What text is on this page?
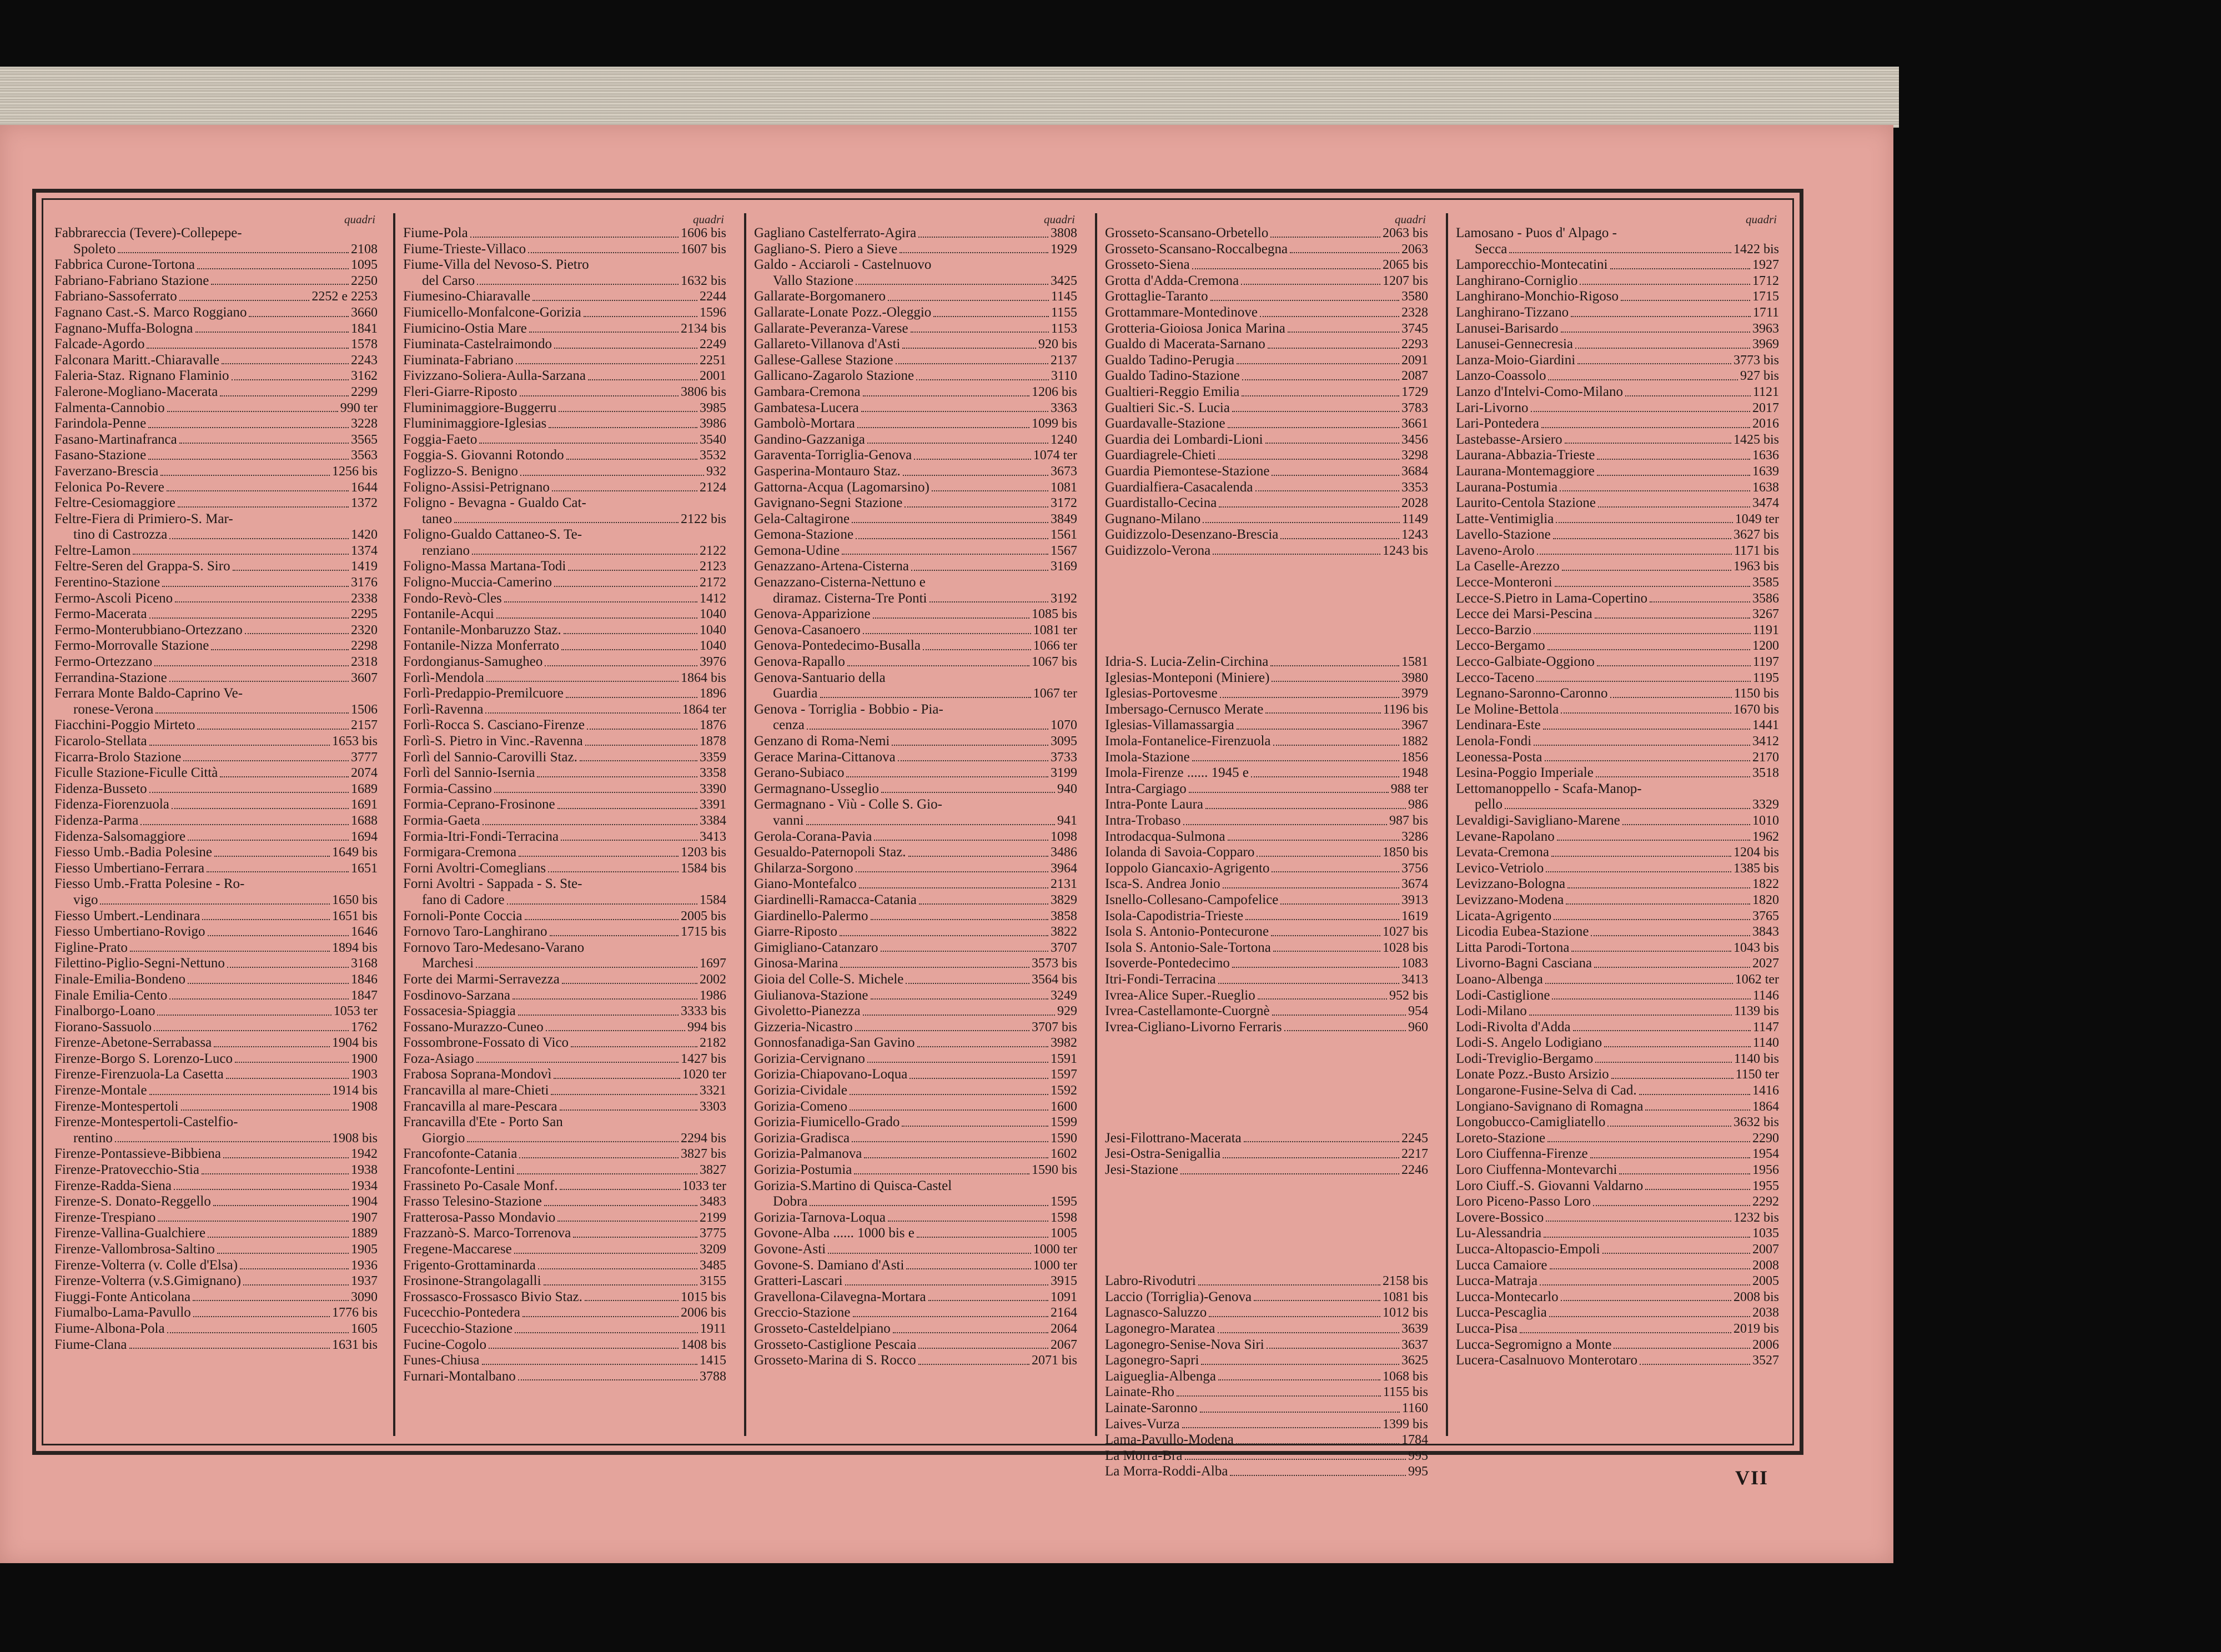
quadri
Fabbrareccia (Tevere)-Collepepe-
Spoleto	2108
Fabbrica Curone-Tortona	1095
Fabriano-Fabriano Stazione	2250
Fabriano-Sassoferrato	2252 e 2253
Fagnano Cast.-S. Marco Roggiano	3660
Fagnano-Muffa-Bologna	1841
Falcade-Agordo	1578
Falconara Maritt.-Chiaravalle	2243
Faleria-Staz. Rignano Flaminio	3162
Falerone-Mogliano-Macerata	2299
Falmenta-Cannobio	990 ter
Farindola-Penne	3228
Fasano-Martinafranca	3565
Fasano-Stazione	3563
Faverzano-Brescia	1256 bis
Felonica Po-Revere	1644
Feltre-Cesiomaggiore	1372
Feltre-Fiera di Primiero-S. Mar-
tino di Castrozza	1420
Feltre-Lamon	1374
Feltre-Seren del Grappa-S. Siro	1419
Ferentino-Stazione	3176
Fermo-Ascoli Piceno	2338
Fermo-Macerata	2295
Fermo-Monterubbiano-Ortezzano	2320
Fermo-Morrovalle Stazione	2298
Fermo-Ortezzano	2318
Ferrandina-Stazione	3607
Ferrara Monte Baldo-Caprino Ve-
ronese-Verona	1506
Fiacchini-Poggio Mirteto	2157
Ficarolo-Stellata	1653 bis
Ficarra-Brolo Stazione	3777
Ficulle Stazione-Ficulle Città	2074
Fidenza-Busseto	1689
Fidenza-Fiorenzuola	1691
Fidenza-Parma	1688
Fidenza-Salsomaggiore	1694
Fiesso Umb.-Badia Polesine	1649 bis
Fiesso Umbertiano-Ferrara	1651
Fiesso Umb.-Fratta Polesine - Ro-
vigo	1650 bis
Fiesso Umbert.-Lendinara	1651 bis
Fiesso Umbertiano-Rovigo	1646
Figline-Prato	1894 bis
Filettino-Piglio-Segni-Nettuno	3168
Finale-Emilia-Bondeno	1846
Finale Emilia-Cento	1847
Finalborgo-Loano	1053 ter
Fiorano-Sassuolo	1762
Firenze-Abetone-Serrabassa	1904 bis
Firenze-Borgo S. Lorenzo-Luco	1900
Firenze-Firenzuola-La Casetta	1903
Firenze-Montale	1914 bis
Firenze-Montespertoli	1908
Firenze-Montespertoli-Castelfio-
rentino	1908 bis
Firenze-Pontassieve-Bibbiena	1942
Firenze-Pratovecchio-Stia	1938
Firenze-Radda-Siena	1934
Firenze-S. Donato-Reggello	1904
Firenze-Trespiano	1907
Firenze-Vallina-Gualchiere	1889
Firenze-Vallombrosa-Saltino	1905
Firenze-Volterra (v. Colle d'Elsa)	1936
Firenze-Volterra (v.S.Gimignano)	1937
Fiuggi-Fonte Anticolana	3090
Fiumalbo-Lama-Pavullo	1776 bis
Fiume-Albona-Pola	1605
Fiume-Clana	1631 bis
quadri
Fiume-Pola	1606 bis
Fiume-Trieste-Villaco	1607 bis
Fiume-Villa del Nevoso-S. Pietro
del Carso	1632 bis
Fiumesino-Chiaravalle	2244
Fiumicello-Monfalcone-Gorizia	1596
Fiumicino-Ostia Mare	2134 bis
Fiuminata-Castelraimondo	2249
Fiuminata-Fabriano	2251
Fivizzano-Soliera-Aulla-Sarzana	2001
Fleri-Giarre-Riposto	3806 bis
Fluminimaggiore-Buggerru	3985
Fluminimaggiore-Iglesias	3986
Foggia-Faeto	3540
Foggia-S. Giovanni Rotondo	3532
Foglizzo-S. Benigno	932
Foligno-Assisi-Petrignano	2124
Foligno - Bevagna - Gualdo Cat-
taneo	2122 bis
Foligno-Gualdo Cattaneo-S. Te-
renziano	2122
Foligno-Massa Martana-Todi	2123
Foligno-Muccia-Camerino	2172
Fondo-Revò-Cles	1412
Fontanile-Acqui	1040
Fontanile-Monbaruzzo Staz.	1040
Fontanile-Nizza Monferrato	1040
Fordongianus-Samugheo	3976
Forlì-Mendola	1864 bis
Forlì-Predappio-Premilcuore	1896
Forlì-Ravenna	1864 ter
Forlì-Rocca S. Casciano-Firenze	1876
Forlì-S. Pietro in Vinc.-Ravenna	1878
Forlì del Sannio-Carovilli Staz.	3359
Forlì del Sannio-Isernia	3358
Formia-Cassino	3390
Formia-Ceprano-Frosinone	3391
Formia-Gaeta	3384
Formia-Itri-Fondi-Terracina	3413
Formigara-Cremona	1203 bis
Forni Avoltri-Comeglians	1584 bis
Forni Avoltri - Sappada - S. Ste-
fano di Cadore	1584
Fornoli-Ponte Coccia	2005 bis
Fornovo Taro-Langhirano	1715 bis
Fornovo Taro-Medesano-Varano
Marchesi	1697
Forte dei Marmi-Serravezza	2002
Fosdinovo-Sarzana	1986
Fossacesia-Spiaggia	3333 bis
Fossano-Murazzo-Cuneo	994 bis
Fossombrone-Fossato di Vico	2182
Foza-Asiago	1427 bis
Frabosa Soprana-Mondovì	1020 ter
Francavilla al mare-Chieti	3321
Francavilla al mare-Pescara	3303
Francavilla d'Ete - Porto San
Giorgio	2294 bis
Francofonte-Catania	3827 bis
Francofonte-Lentini	3827
Frassineto Po-Casale Monf.	1033 ter
Frasso Telesino-Stazione	3483
Fratterosa-Passo Mondavio	2199
Frazzanò-S. Marco-Torrenova	3775
Fregene-Maccarese	3209
Frigento-Grottaminarda	3485
Frosinone-Strangolagalli	3155
Frossasco-Frossasco Bivio Staz.	1015 bis
Fucecchio-Pontedera	2006 bis
Fucecchio-Stazione	1911
Fucine-Cogolo	1408 bis
Funes-Chiusa	1415
Furnari-Montalbano	3788
quadri
Gagliano Castelferrato-Agira	3808
Gagliano-S. Piero a Sieve	1929
Galdo - Acciaroli - Castelnuovo
Vallo Stazione	3425
Gallarate-Borgomanero	1145
Gallarate-Lonate Pozz.-Oleggio	1155
Gallarate-Peveranza-Varese	1153
Gallareto-Villanova d'Asti	920 bis
Gallese-Gallese Stazione	2137
Gallicano-Zagarolo Stazione	3110
Gambara-Cremona	1206 bis
Gambatesa-Lucera	3363
Gambolò-Mortara	1099 bis
Gandino-Gazzaniga	1240
Garaventa-Torriglia-Genova	1074 ter
Gasperina-Montauro Staz.	3673
Gattorna-Acqua (Lagomarsino)	1081
Gavignano-Segni Stazione	3172
Gela-Caltagirone	3849
Gemona-Stazione	1561
Gemona-Udine	1567
Genazzano-Artena-Cisterna	3169
Genazzano-Cisterna-Nettuno e
diramaz. Cisterna-Tre Ponti	3192
Genova-Apparizione	1085 bis
Genova-Casanoero	1081 ter
Genova-Pontedecimo-Busalla	1066 ter
Genova-Rapallo	1067 bis
Genova-Santuario della
Guardia	1067 ter
Genova - Torriglia - Bobbio - Pia-
cenza	1070
Genzano di Roma-Nemi	3095
Gerace Marina-Cittanova	3733
Gerano-Subiaco	3199
Germagnano-Usseglio	940
Germagnano - Viù - Colle S. Gio-
vanni	941
Gerola-Corana-Pavia	1098
Gesualdo-Paternopoli Staz.	3486
Ghilarza-Sorgono	3964
Giano-Montefalco	2131
Giardinelli-Ramacca-Catania	3829
Giardinello-Palermo	3858
Giarre-Riposto	3822
Gimigliano-Catanzaro	3707
Ginosa-Marina	3573 bis
Gioia del Colle-S. Michele	3564 bis
Giulianova-Stazione	3249
Givoletto-Pianezza	929
Gizzeria-Nicastro	3707 bis
Gonnosfanadiga-San Gavino	3982
Gorizia-Cervignano	1591
Gorizia-Chiapovano-Loqua	1597
Gorizia-Cividale	1592
Gorizia-Comeno	1600
Gorizia-Fiumicello-Grado	1599
Gorizia-Gradisca	1590
Gorizia-Palmanova	1602
Gorizia-Postumia	1590 bis
Gorizia-S.Martino di Quisca-Castel
Dobra	1595
Gorizia-Tarnova-Loqua	1598
Govone-Alba ...... 1000 bis e	1005
Govone-Asti	1000 ter
Govone-S. Damiano d'Asti	1000 ter
Gratteri-Lascari	3915
Gravellona-Cilavegna-Mortara	1091
Greccio-Stazione	2164
Grosseto-Casteldelpiano	2064
Grosseto-Castiglione Pescaia	2067
Grosseto-Marina di S. Rocco	2071 bis
quadri
Grosseto-Scansano-Orbetello	2063 bis
Grosseto-Scansano-Roccalbegna	2063
Grosseto-Siena	2065 bis
Grotta d'Adda-Cremona	1207 bis
Grottaglie-Taranto	3580
Grottammare-Montedinove	2328
Grotteria-Gioiosa Jonica Marina	3745
Gualdo di Macerata-Sarnano	2293
Gualdo Tadino-Perugia	2091
Gualdo Tadino-Stazione	2087
Gualtieri-Reggio Emilia	1729
Gualtieri Sic.-S. Lucia	3783
Guardavalle-Stazione	3661
Guardia dei Lombardi-Lioni	3456
Guardiagrele-Chieti	3298
Guardia Piemontese-Stazione	3684
Guardialfiera-Casacalenda	3353
Guardistallo-Cecina	2028
Gugnano-Milano	1149
Guidizzolo-Desenzano-Brescia	1243
Guidizzolo-Verona	1243 bis
Idria-S. Lucia-Zelin-Circhina	1581
Iglesias-Monteponi (Miniere)	3980
Iglesias-Portovesme	3979
Imbersago-Cernusco Merate	1196 bis
Iglesias-Villamassargia	3967
Imola-Fontanelice-Firenzuola	1882
Imola-Stazione	1856
Imola-Firenze ...... 1945 e	1948
Intra-Cargiago	988 ter
Intra-Ponte Laura	986
Intra-Trobaso	987 bis
Introdacqua-Sulmona	3286
Iolanda di Savoia-Copparo	1850 bis
Ioppolo Giancaxio-Agrigento	3756
Isca-S. Andrea Jonio	3674
Isnello-Collesano-Campofelice	3913
Isola-Capodistria-Trieste	1619
Isola S. Antonio-Pontecurone	1027 bis
Isola S. Antonio-Sale-Tortona	1028 bis
Isoverde-Pontedecimo	1083
Itri-Fondi-Terracina	3413
Ivrea-Alice Super.-Rueglio	952 bis
Ivrea-Castellamonte-Cuorgnè	954
Ivrea-Cigliano-Livorno Ferraris	960
Jesi-Filottrano-Macerata	2245
Jesi-Ostra-Senigallia	2217
Jesi-Stazione	2246
Labro-Rivodutri	2158 bis
Laccio (Torriglia)-Genova	1081 bis
Lagnasco-Saluzzo	1012 bis
Lagonegro-Maratea	3639
Lagonegro-Senise-Nova Siri	3637
Lagonegro-Sapri	3625
Laigueglia-Albenga	1068 bis
Lainate-Rho	1155 bis
Lainate-Saronno	1160
Laives-Vurza	1399 bis
Lama-Pavullo-Modena	1784
La Morra-Bra	995
La Morra-Roddi-Alba	995
quadri
Lamosano - Puos d' Alpago -
Secca	1422 bis
Lamporecchio-Montecatini	1927
Langhirano-Corniglio	1712
Langhirano-Monchio-Rigoso	1715
Langhirano-Tizzano	1711
Lanusei-Barisardo	3963
Lanusei-Gennecresia	3969
Lanza-Moio-Giardini	3773 bis
Lanzo-Coassolo	927 bis
Lanzo d'Intelvi-Como-Milano	1121
Lari-Livorno	2017
Lari-Pontedera	2016
Lastebasse-Arsiero	1425 bis
Laurana-Abbazia-Trieste	1636
Laurana-Montemaggiore	1639
Laurana-Postumia	1638
Laurito-Centola Stazione	3474
Latte-Ventimiglia	1049 ter
Lavello-Stazione	3627 bis
Laveno-Arolo	1171 bis
La Caselle-Arezzo	1963 bis
Lecce-Monteroni	3585
Lecce-S.Pietro in Lama-Copertino	3586
Lecce dei Marsi-Pescina	3267
Lecco-Barzio	1191
Lecco-Bergamo	1200
Lecco-Galbiate-Oggiono	1197
Lecco-Taceno	1195
Legnano-Saronno-Caronno	1150 bis
Le Moline-Bettola	1670 bis
Lendinara-Este	1441
Lenola-Fondi	3412
Leonessa-Posta	2170
Lesina-Poggio Imperiale	3518
Lettomanoppello - Scafa-Manop-
pello	3329
Levaldigi-Savigliano-Marene	1010
Levane-Rapolano	1962
Levata-Cremona	1204 bis
Levico-Vetriolo	1385 bis
Levizzano-Bologna	1822
Levizzano-Modena	1820
Licata-Agrigento	3765
Licodia Eubea-Stazione	3843
Litta Parodi-Tortona	1043 bis
Livorno-Bagni Casciana	2027
Loano-Albenga	1062 ter
Lodi-Castiglione	1146
Lodi-Milano	1139 bis
Lodi-Rivolta d'Adda	1147
Lodi-S. Angelo Lodigiano	1140
Lodi-Treviglio-Bergamo	1140 bis
Lonate Pozz.-Busto Arsizio	1150 ter
Longarone-Fusine-Selva di Cad.	1416
Longiano-Savignano di Romagna	1864
Longobucco-Camigliatello	3632 bis
Loreto-Stazione	2290
Loro Ciuffenna-Firenze	1954
Loro Ciuffenna-Montevarchi	1956
Loro Ciuff.-S. Giovanni Valdarno	1955
Loro Piceno-Passo Loro	2292
Lovere-Bossico	1232 bis
Lu-Alessandria	1035
Lucca-Altopascio-Empoli	2007
Lucca Camaiore	2008
Lucca-Matraja	2005
Lucca-Montecarlo	2008 bis
Lucca-Pescaglia	2038
Lucca-Pisa	2019 bis
Lucca-Segromigno a Monte	2006
Lucera-Casalnuovo Monterotaro	3527
VII
